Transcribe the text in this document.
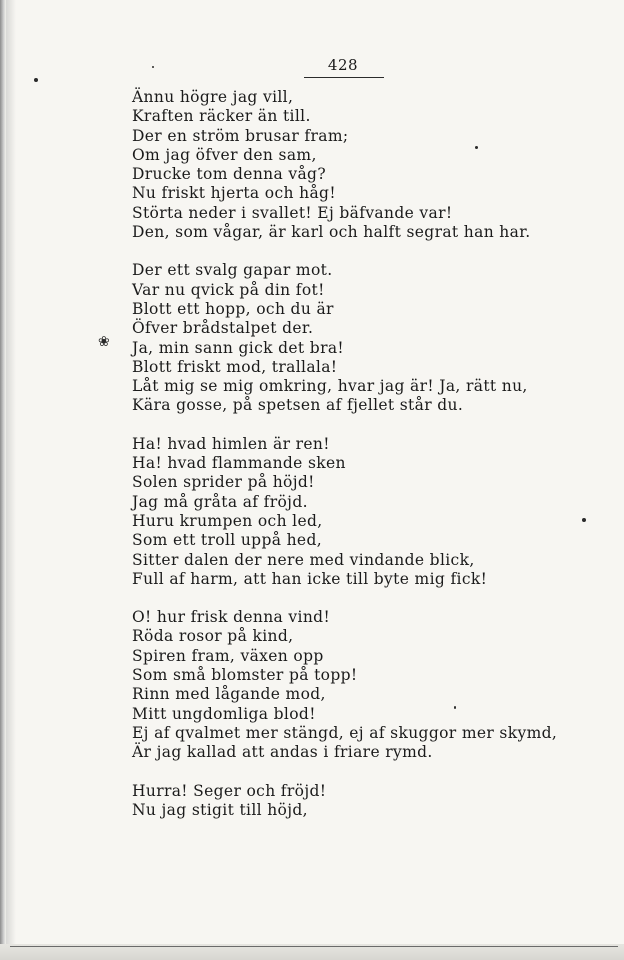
428
❀
Ännu högre jag vill,
Kraften räcker än till.
Der en ström brusar fram;
Om jag öfver den sam,
Drucke tom denna våg?
Nu friskt hjerta och håg!
Störta neder i svallet! Ej bäfvande var!
Den, som vågar, är karl och halft segrat han har.
Der ett svalg gapar mot.
Var nu qvick på din fot!
Blott ett hopp, och du är
Öfver brådstalpet der.
Ja, min sann gick det bra!
Blott friskt mod, trallala!
Låt mig se mig omkring, hvar jag är! Ja, rätt nu,
Kära gosse, på spetsen af fjellet står du.
Ha! hvad himlen är ren!
Ha! hvad flammande sken
Solen sprider på höjd!
Jag må gråta af fröjd.
Huru krumpen och led,
Som ett troll uppå hed,
Sitter dalen der nere med vindande blick,
Full af harm, att han icke till byte mig fick!
O! hur frisk denna vind!
Röda rosor på kind,
Spiren fram, växen opp
Som små blomster på topp!
Rinn med lågande mod,
Mitt ungdomliga blod!
Ej af qvalmet mer stängd, ej af skuggor mer skymd,
Är jag kallad att andas i friare rymd.
Hurra! Seger och fröjd!
Nu jag stigit till höjd,
